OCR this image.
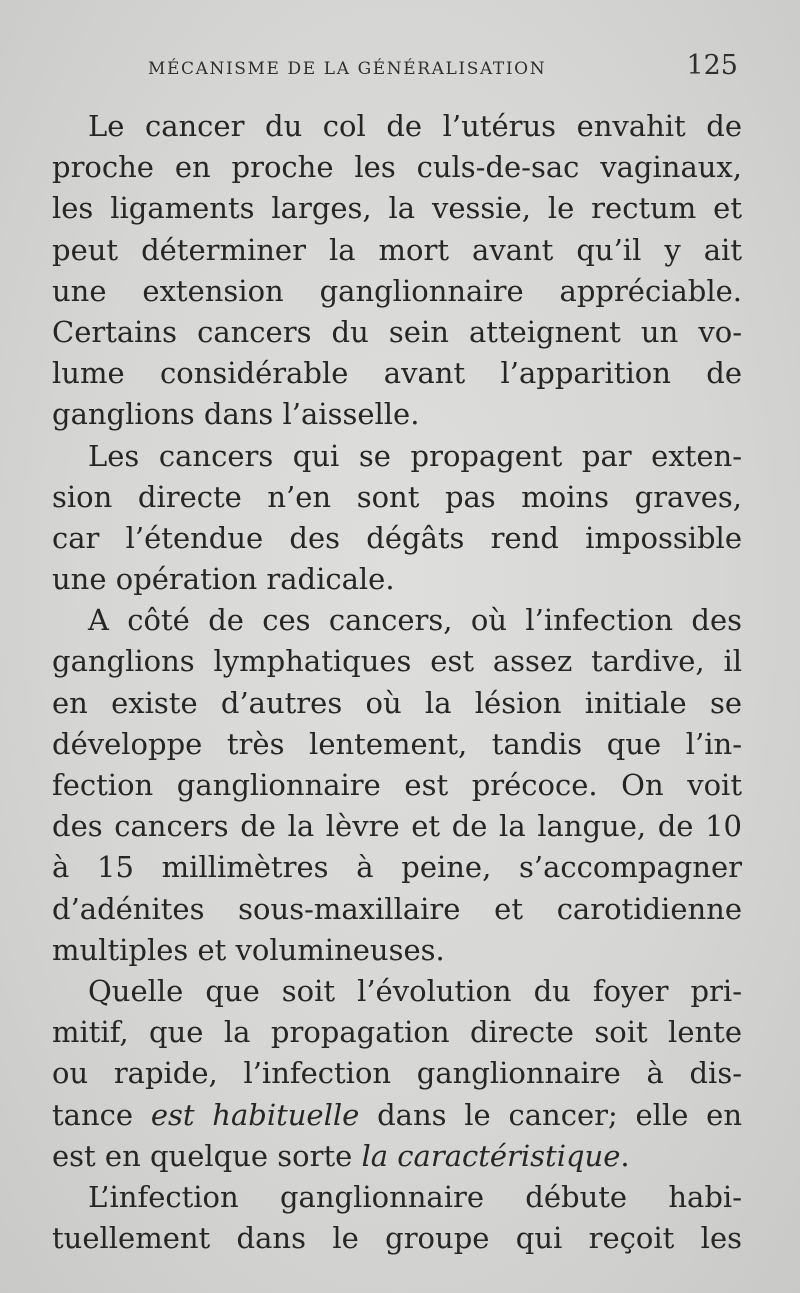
MÉCANISME DE LA GÉNÉRALISATION	125
Le cancer du col de l’utérus envahit de
proche en proche les culs-de-sac vaginaux,
les ligaments larges, la vessie, le rectum et
peut déterminer la mort avant qu’il y ait
une extension ganglionnaire appréciable.
Certains cancers du sein atteignent un vo-
lume considérable avant l’apparition de
ganglions dans l’aisselle.
Les cancers qui se propagent par exten-
sion directe n’en sont pas moins graves,
car l’étendue des dégâts rend impossible
une opération radicale.
A côté de ces cancers, où l’infection des
ganglions lymphatiques est assez tardive, il
en existe d’autres où la lésion initiale se
développe très lentement, tandis que l’in-
fection ganglionnaire est précoce. On voit
des cancers de la lèvre et de la langue, de 10
à 15 millimètres à peine, s’accompagner
d’adénites sous-maxillaire et carotidienne
multiples et volumineuses.
Quelle que soit l’évolution du foyer pri-
mitif, que la propagation directe soit lente
ou rapide, l’infection ganglionnaire à dis-
tance est habituelle dans le cancer; elle en
est en quelque sorte la caractéristique.
L’infection ganglionnaire débute habi-
tuellement dans le groupe qui reçoit les
